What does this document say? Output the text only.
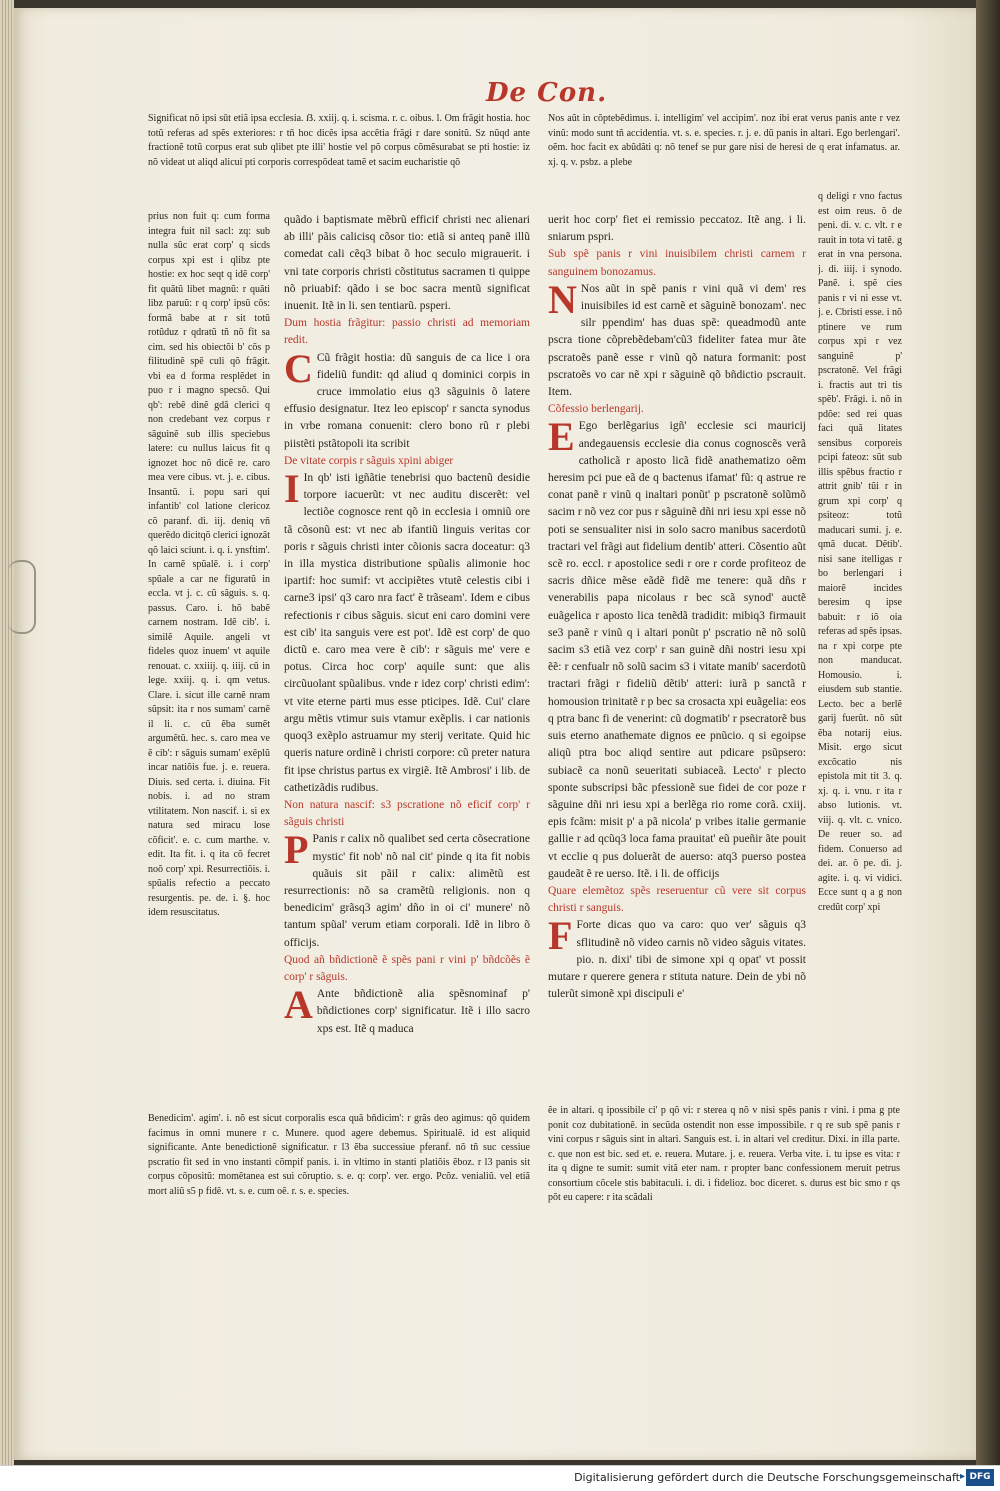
De Con.

Significat nõ ipsi sūt etiã ipsa ecclesia. ẞ. xxiij. q. i. scisma. r. c. oibus. l. Om frãgit hostia. hoc totũ referas ad spẽs exteriores: r tñ hoc dicẽs ipsa accẽtia frãgi r dare sonitũ. Sz nũqd ante fractionẽ totũ corpus erat sub qlibet pte illi' hostie vel põ corpus cõmẽsurabat se pti hostie: iz nõ videat ut aliqd alicui pti corporis correspõdeat tamẽ et sacim eucharistie qõ

prius non fuit q: cum forma integra fuit nil sacl: zq: sub nulla sũc erat corp' q sicds corpus xpi est i qlibz pte hostie: ex hoc seqt q idẽ corp' fit quãtũ libet magnũ: r quãti libz paruũ: r q corp' ipsũ cõs: formã babe at r sit totũ rotũduz r qdratũ tñ nõ fit sa cim. sed his obiectõi b' cõs p filitudinẽ spẽ culi qõ frãgit. vbi ea d forma resplẽdet in puo r i magno specsõ. Qui qb': rebẽ dinẽ gdã clerici q non credebant vez corpus r sãguinẽ sub illis speciebus latere: cu nullus laicus fit q ignozet hoc nõ dicẽ re. caro mea vere cibus. vt. j. e. cibus. Insantũ. i. popu sari qui infantib' col latione clericoz cõ paranf. di. iij. deniq vñ querẽdo dicitqõ clerici ignozãt qõ laici sciunt. i. q. i. ynsftim'. In carnẽ spũalẽ. i. i corp' spũale a car ne figuratũ in eccla. vt j. c. cũ sãguis. s. q. passus. Caro. i. hõ babẽ carnem nostram. Idẽ cib'. i. similẽ Aquile. angeli vt fideles quoz inuem' vt aquile renouat. c. xxiiij. q. iiij. cũ in lege. xxiij. q. i. qm vetus. Clare. i. sicut ille carnẽ nram sũpsit: ita r nos sumam' carnẽ il li. c. cũ ẽba sumẽt argumẽtũ. hec. s. caro mea ve ẽ cib': r sãguis sumam' exẽplũ incar natiõis fue. j. e. reuera. Diuis. sed certa. i. diuina. Fit nobis. i. ad no stram vtilitatem. Non nascif. i. si ex natura sed miracu lose cõficit'. e. c. cum marthe. v. edit. Ita fit. i. q ita cõ fecret noõ corp' xpi. Resurrectiõis. i. spũalis refectio a peccato resurgentis. pe. de. i. §. hoc idem resuscitatus.

quãdo i baptismate mẽbrũ efficif christi nec alienari ab illi' pãis calicisq cõsor tio: etiã si anteq panẽ illũ comedat cali cẽq3 bibat õ hoc seculo migrauerit. i vni tate corporis christi cõstitutus sacramen ti quippe nõ priuabif: qãdo i se boc sacra mentũ significat inuenit. Itẽ in li. sen tentiarũ. psperi.

Dum hostia frãgitur: passio christi ad memoriam redit.

C Cũ frãgit hostia: dũ sanguis de ca lice i ora fideliũ fundit: qd aliud q dominici corpis in cruce immolatio eius q3 sãguinis õ latere effusio designatur. Itez leo episcop' r sancta synodus in vrbe romana conuenit: clero bono rũ r plebi piistẽti pstãtopoli ita scribit

De vitate corpis r sãguis xpini abiger

I In qb' isti igñãtie tenebrisi quo bactenũ desidie torpore iacuerũt: vt nec auditu discerẽt: vel lectiõe cognosce rent qõ in ecclesia i omniũ ore tã cõsonũ est: vt nec ab ifantiũ linguis veritas cor poris r sãguis christi inter cõionis sacra doceatur: q3 in illa mystica distributione spũalis alimonie hoc ipartif: hoc sumif: vt accipiẽtes vtutẽ celestis cibi i carne3 ipsi' q3 caro nra fact' ẽ trãseam'. Idem e cibus refectionis r cibus sãguis. sicut eni caro domini vere est cib' ita sanguis vere est pot'. Idẽ est corp' de quo dictũ e. caro mea vere ẽ cib': r sãguis me' vere e potus. Circa hoc corp' aquile sunt: que alis circũuolant spũalibus. vnde r idez corp' christi edim': vt vite eterne parti mus esse pticipes. Idẽ. Cui' clare argu mẽtis vtimur suis vtamur exẽplis. i car nationis quoq3 exẽplo astruamur my sterij veritate. Quid hic queris nature ordinẽ i christi corpore: cũ preter natura fit ipse christus partus ex virgiẽ. Itẽ Ambrosi' i lib. de cathetizãdis rudibus.

Non natura nascif: s3 pscratione nõ eficif corp' r sãguis christi

P Panis r calix nõ qualibet sed certa cõsecratione mystic' fit nob' nõ nal cit' pinde q ita fit nobis quãuis sit pãil r calix: alimẽtũ est resurrectionis: nõ sa cramẽtũ religionis. non q benedicim' grãsq3 agim' dño in oi ci' munere' nõ tantum spũal' verum etiam corporali. Idẽ in libro õ officijs.

Quod añ bñdictionẽ ẽ spẽs pani r vini p' bñdcõẽs ẽ corp' r sãguis.

A Ante bñdictionẽ alia spẽsnominaf p' bñdictiones corp' significatur. Itẽ i illo sacro xps est. Itẽ q maduca

Benedicim'. agim'. i. nõ est sicut corporalis esca quã bñdicim': r grãs deo agimus: qõ quidem facimus in omni munere r c. Munere. quod agere debemus. Spiritualẽ. id est aliquid significante. Ante benedictionẽ significatur. r l3 ẽba successiue pferanf. nõ tñ suc cessiue pscratio fit sed in vno instanti cõmpif panis. i. in vltimo in stanti platiõis ẽboz. r l3 panis sit corpus cõpositũ: momẽtanea est sui cõruptio. s. e. q: corp'. ver. ergo. Pcõz. venialiũ. vel etiã mort aliũ s5 p fidẽ. vt. s. e. cum oẽ. r. s. e. species.

Nos aũt in cõptebẽdimus. i. intelligim' vel accipim'. noz ibi erat verus panis ante r vez vinũ: modo sunt tñ accidentia. vt. s. e. species. r. j. e. dũ panis in altari. Ego berlengari'. oẽm. hoc facit ex abũdãti q: nõ tenef se pur gare nisi de heresi de q erat infamatus. ar. xj. q. v. psbz. a plebe

uerit hoc corp' fiet ei remissio peccatoz. Itẽ ang. i li. sniarum pspri.

Sub spẽ panis r vini inuisibilem christi carnem r sanguinem bonozamus.

N Nos aũt in spẽ panis r vini quã vi dem' res inuisibiles id est carnẽ et sãguinẽ bonozam'. nec silr ppendim' has duas spẽ: queadmodũ ante pscra tione cõprebẽdebam'cũ3 fideliter fatea mur ãte pscratoẽs panẽ esse r vinũ qõ natura formanit: post pscratoẽs vo car nẽ xpi r sãguinẽ qõ bñdictio pscrauit. Item.

Cõfessio berlengarij.

E Ego berlẽgarius igñ' ecclesie sci mauricij andegauensis ecclesie dia conus cognoscẽs verã catholicã r aposto licã fidẽ anathematizo oẽm heresim pci pue eã de q bactenus ifamat' fũ: q astrue re conat panẽ r vinũ q inaltari ponũt' p pscratonẽ solũmõ sacim r nõ vez cor pus r sãguinẽ dñi nri iesu xpi esse nõ poti se sensualiter nisi in solo sacro manibus sacerdotũ tractari vel frãgi aut fidelium dentib' atteri. Cõsentio aũt scẽ ro. eccl. r apostolice sedi r ore r corde profiteoz de sacris dñice mẽse eãdẽ fidẽ me tenere: quã dñs r venerabilis papa nicolaus r bec scã synod' auctẽ euãgelica r aposto lica tenẽdã tradidit: mibiq3 firmauit se3 panẽ r vinũ q i altari ponũt p' pscratio nẽ nõ solũ sacim s3 etiã vez corp' r san guinẽ dñi nostri iesu xpi ẽẽ: r cenfualr nõ solũ sacim s3 i vitate manib' sacerdotũ tractari frãgi r fideliũ dẽtib' atteri: iurã p sanctã r homousion trinitatẽ r p bec sa crosacta xpi euãgelia: eos q ptra banc fi de venerint: cũ dogmatib' r psecratorẽ bus suis eterno anathemate dignos ee pnũcio. q si egoipse aliqũ ptra boc aliqd sentire aut pdicare psũpsero: subiacẽ ca nonũ seueritati subiaceã. Lecto' r plecto sponte subscripsi bãc pfessionẽ sue fidei de cor poze r sãguine dñi nri iesu xpi a berlẽga rio rome corã. cxiij. epis fcãm: misit p' a pã nicola' p vribes italie germanie gallie r ad qcũq3 loca fama prauitat' eũ pueñir ãte pouit vt ecclie q pus doluerãt de auerso: atq3 puerso postea gaudeãt ẽ re uerso. Itẽ. i li. de officijs

Quare elemẽtoz spẽs reseruentur cũ vere sit corpus christi r sanguis.

F Forte dicas quo va caro: quo ver' sãguis q3 sflitudinẽ nõ video carnis nõ video sãguis vitates. pio. n. dixi' tibi de simone xpi q opat' vt possit mutare r querere genera r stituta nature. Dein de ybi nõ tulerũt simonẽ xpi discipuli e'

q deligi r vno factus est oim reus. õ de peni. di. v. c. vlt. r e rauit in tota vi tatẽ. g erat in vna persona. j. di. iiij. i synodo. Panẽ. i. spẽ cies panis r vi ni esse vt. j. e. Cbristi esse. i nõ ptinere ve rum corpus xpi r vez sanguinẽ p' pscratonẽ. Vel frãgi i. fractis aut tri tis spẽb'. Frãgi. i. nõ in pdõe: sed rei quas faci quã litates sensibus corporeis pcipi fateoz: sũt sub illis spẽbus fractio r attrit gnib' tũi r in grum xpi corp' q psiteoz: totũ maducari sumi. j. e. qmã ducat. Dẽtib'. nisi sane itelligas r bo berlengari i maiorẽ incides beresim q ipse babuit: r iõ oia referas ad spẽs ipsas. na r xpi corpe pte non manducat. Homousio. i. eiusdem sub stantie. Lecto. bec a berlẽ garij fuerũt. nõ sũt ẽba notarij eius. Misit. ergo sicut excõcatio nis epistola mit tit 3. q. xj. q. i. vnu. r ita r abso lutionis. vt. viij. q. vlt. c. vnico. De reuer so. ad fidem. Conuerso ad dei. ar. õ pe. di. j. agite. i. q. vi vidici. Ecce sunt q a g non credũt corp' xpi

ẽe in altari. q ipossibile ci' p qõ vi: r sterea q nõ v nisi spẽs panis r vini. i pma g pte ponit coz dubitationẽ. in secũda ostendit non esse impossibile. r q re sub spẽ panis r vini corpus r sãguis sint in altari. Sanguis est. i. in altari vel creditur. Dixi. in illa parte. c. que non est bic. sed et. e. reuera. Mutare. j. e. reuera. Verba vite. i. tu ipse es vita: r ita q digne te sumit: sumit vitã eter nam. r propter banc confessionem meruit petrus consortium cõcele stis babitaculi. i. di. i fidelioz. boc diceret. s. durus est bic smo r qs põt eu capere: r ita scãdali

Digitalisierung gefördert durch die Deutsche Forschungsgemeinschaft ▸ DFG
